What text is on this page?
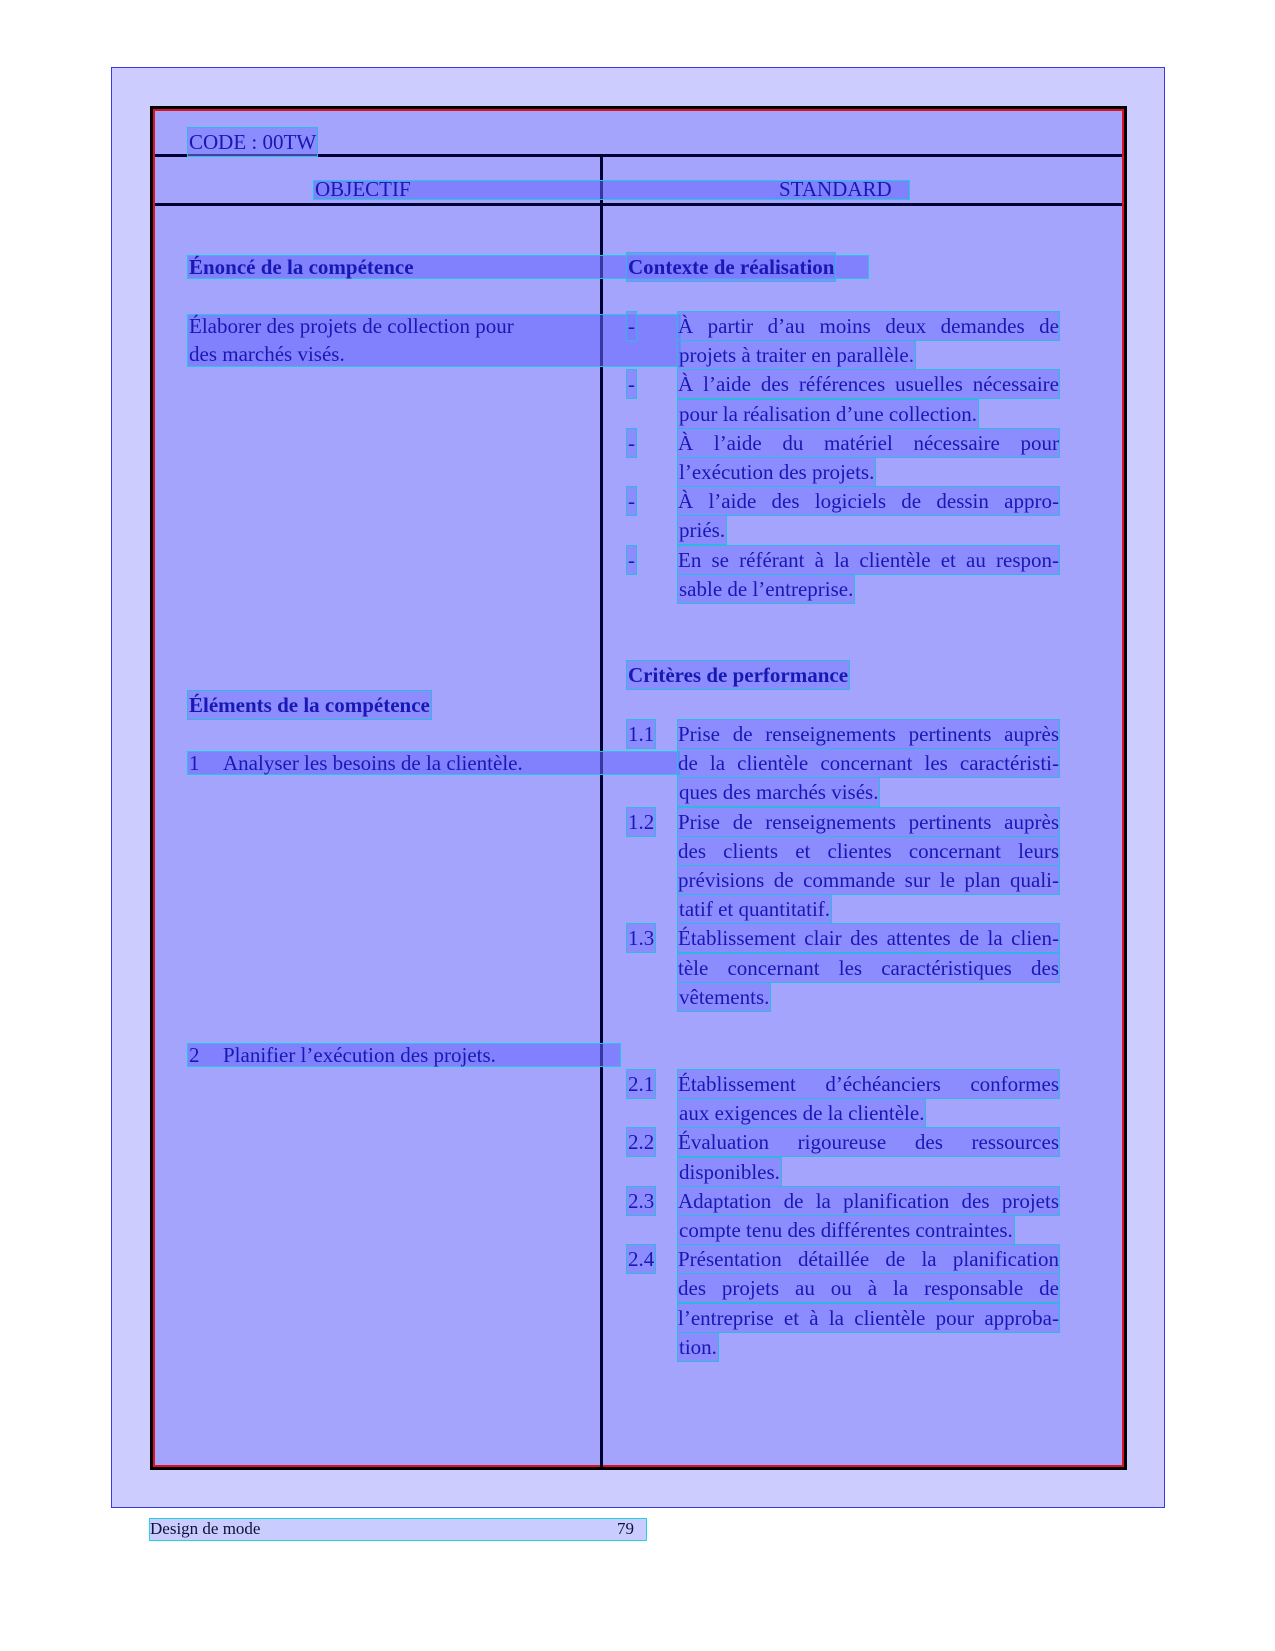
CODE : 00TW
OBJECTIF	STANDARD
Énoncé de la compétence
Élaborer des projets de collection pour
des marchés visés.
Éléments de la compétence
1 Analyser les besoins de la clientèle.
2 Planifier l’exécution des projets.
Contexte de réalisation
- À partir d’au moins deux demandes de
projets à traiter en parallèle.
- À l’aide des références usuelles nécessaire
pour la réalisation d’une collection.
- À l’aide du matériel nécessaire pour
l’exécution des projets.
- À l’aide des logiciels de dessin appro-
priés.
- En se référant à la clientèle et au respon-
sable de l’entreprise.
Critères de performance
1.1 Prise de renseignements pertinents auprès
de la clientèle concernant les caractéristi-
ques des marchés visés.
1.2 Prise de renseignements pertinents auprès
des clients et clientes concernant leurs
prévisions de commande sur le plan quali-
tatif et quantitatif.
1.3 Établissement clair des attentes de la clien-
tèle concernant les caractéristiques des
vêtements.
2.1 Établissement d’échéanciers conformes
aux exigences de la clientèle.
2.2 Évaluation rigoureuse des ressources
disponibles.
2.3 Adaptation de la planification des projets
compte tenu des différentes contraintes.
2.4 Présentation détaillée de la planification
des projets au ou à la responsable de
l’entreprise et à la clientèle pour approba-
tion.
Design de mode	79
